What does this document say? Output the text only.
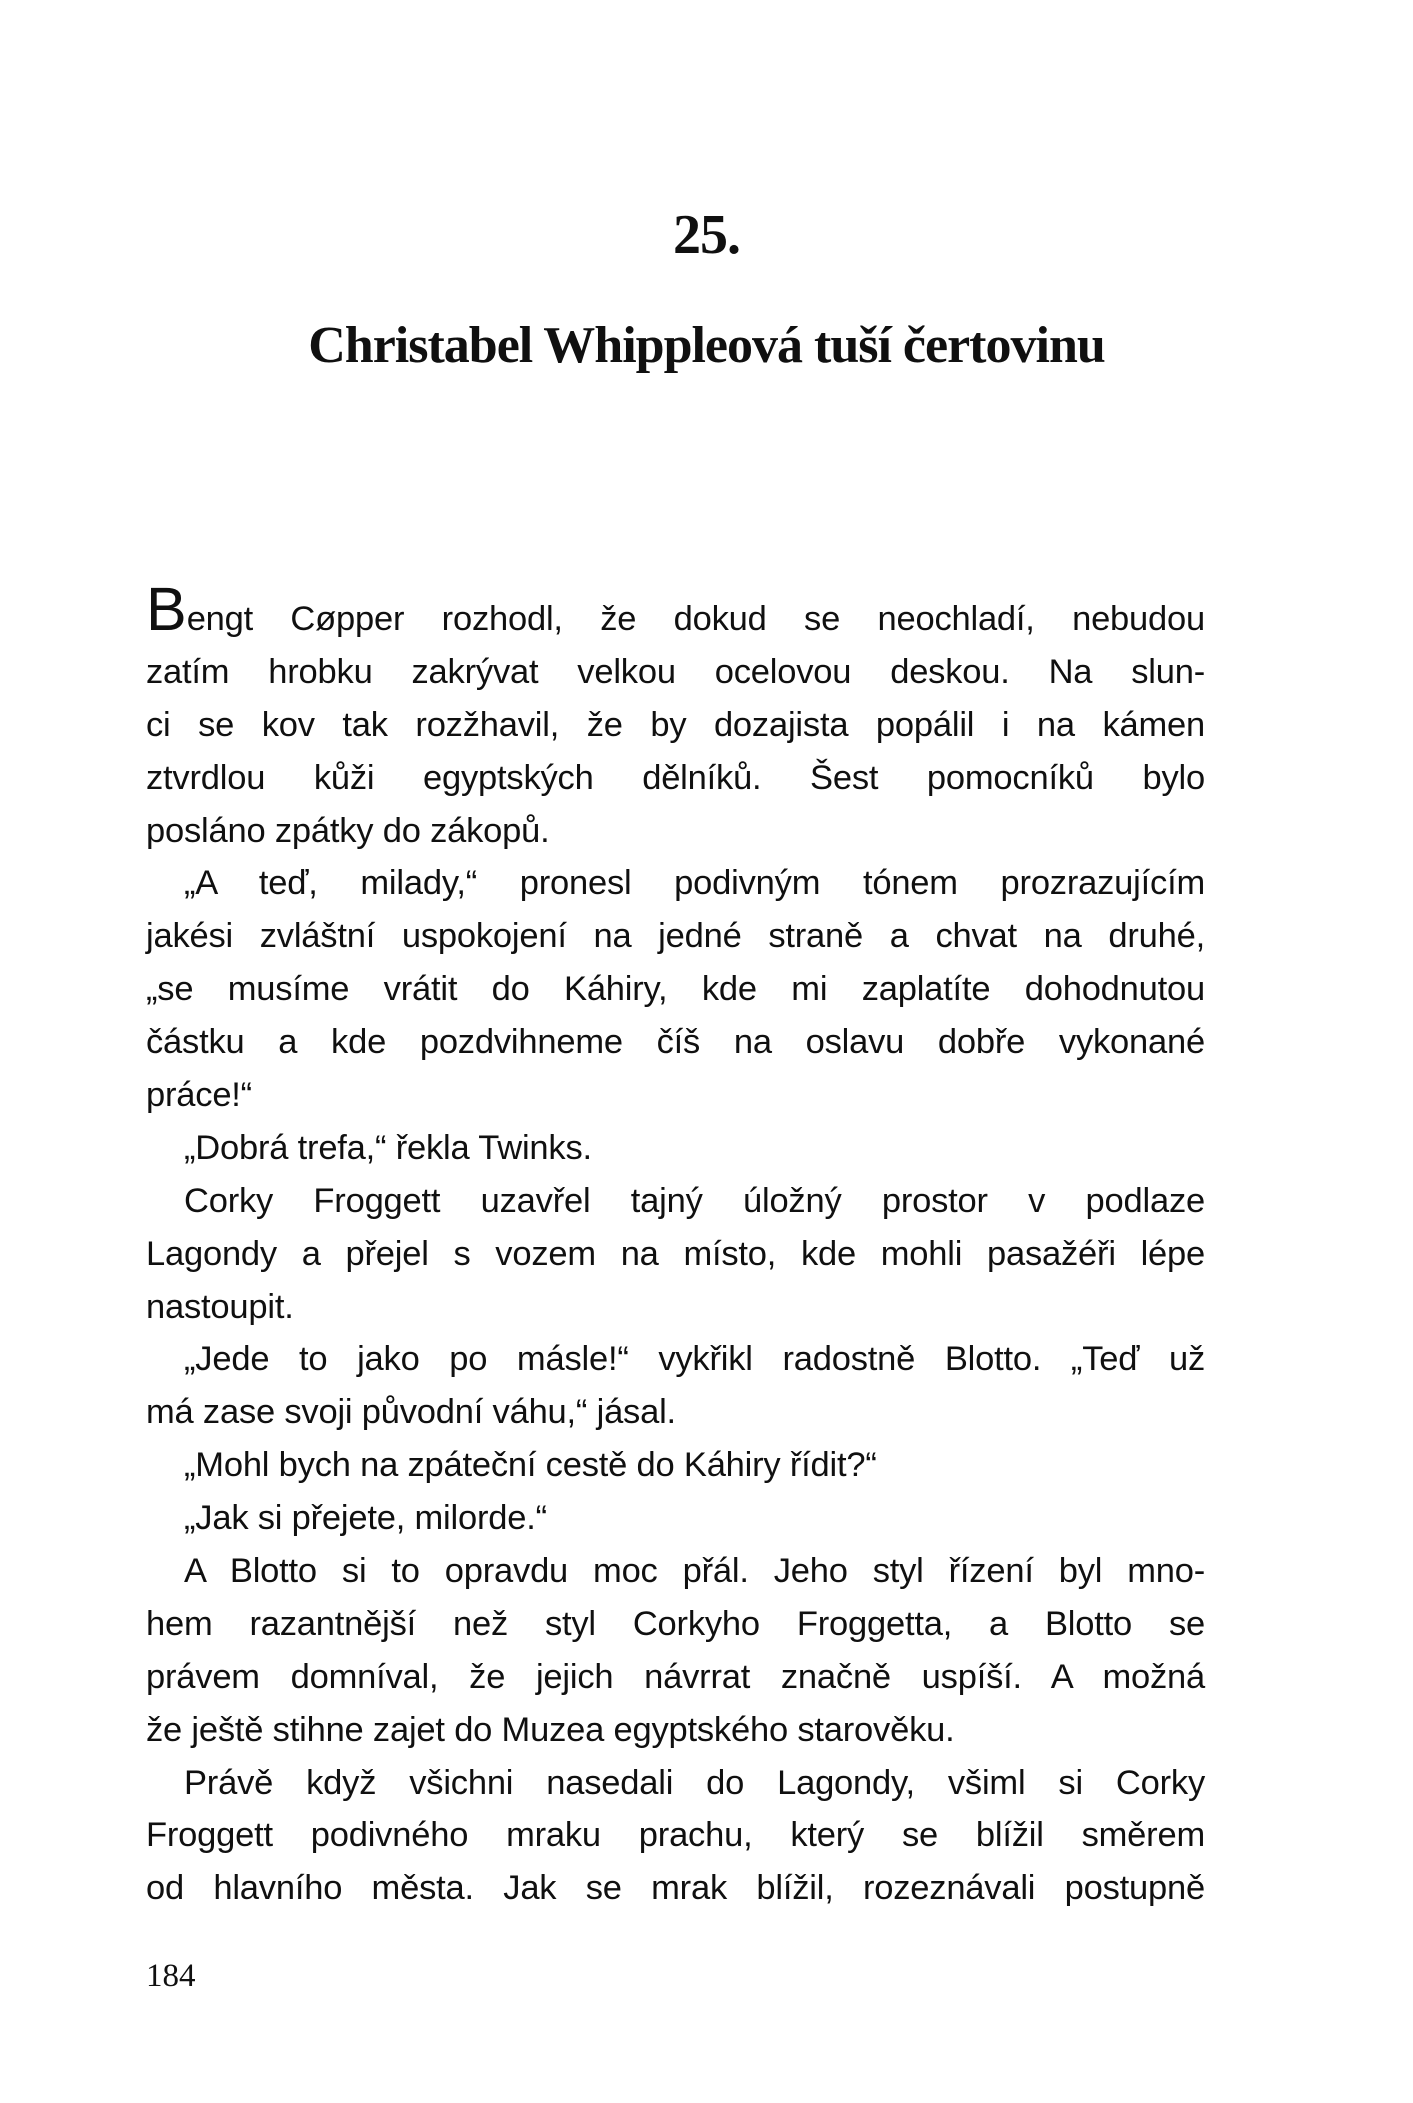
25.
Christabel Whippleová tuší čertovinu
Bengt Cøpper rozhodl, že dokud se neochladí, nebudou
zatím hrobku zakrývat velkou ocelovou deskou. Na slun-
ci se kov tak rozžhavil, že by dozajista popálil i na kámen
ztvrdlou kůži egyptských dělníků. Šest pomocníků bylo
posláno zpátky do zákopů.
„A teď, milady,“ pronesl podivným tónem prozrazujícím
jakési zvláštní uspokojení na jedné straně a chvat na druhé,
„se musíme vrátit do Káhiry, kde mi zaplatíte dohodnutou
částku a kde pozdvihneme číš na oslavu dobře vykonané
práce!“
„Dobrá trefa,“ řekla Twinks.
Corky Froggett uzavřel tajný úložný prostor v podlaze
Lagondy a přejel s vozem na místo, kde mohli pasažéři lépe
nastoupit.
„Jede to jako po másle!“ vykřikl radostně Blotto. „Teď už
má zase svoji původní váhu,“ jásal.
„Mohl bych na zpáteční cestě do Káhiry řídit?“
„Jak si přejete, milorde.“
A Blotto si to opravdu moc přál. Jeho styl řízení byl mno-
hem razantnější než styl Corkyho Froggetta, a Blotto se
právem domníval, že jejich návrrat značně uspíší. A možná
že ještě stihne zajet do Muzea egyptského starověku.
Právě když všichni nasedali do Lagondy, všiml si Corky
Froggett podivného mraku prachu, který se blížil směrem
od hlavního města. Jak se mrak blížil, rozeznávali postupně
184
